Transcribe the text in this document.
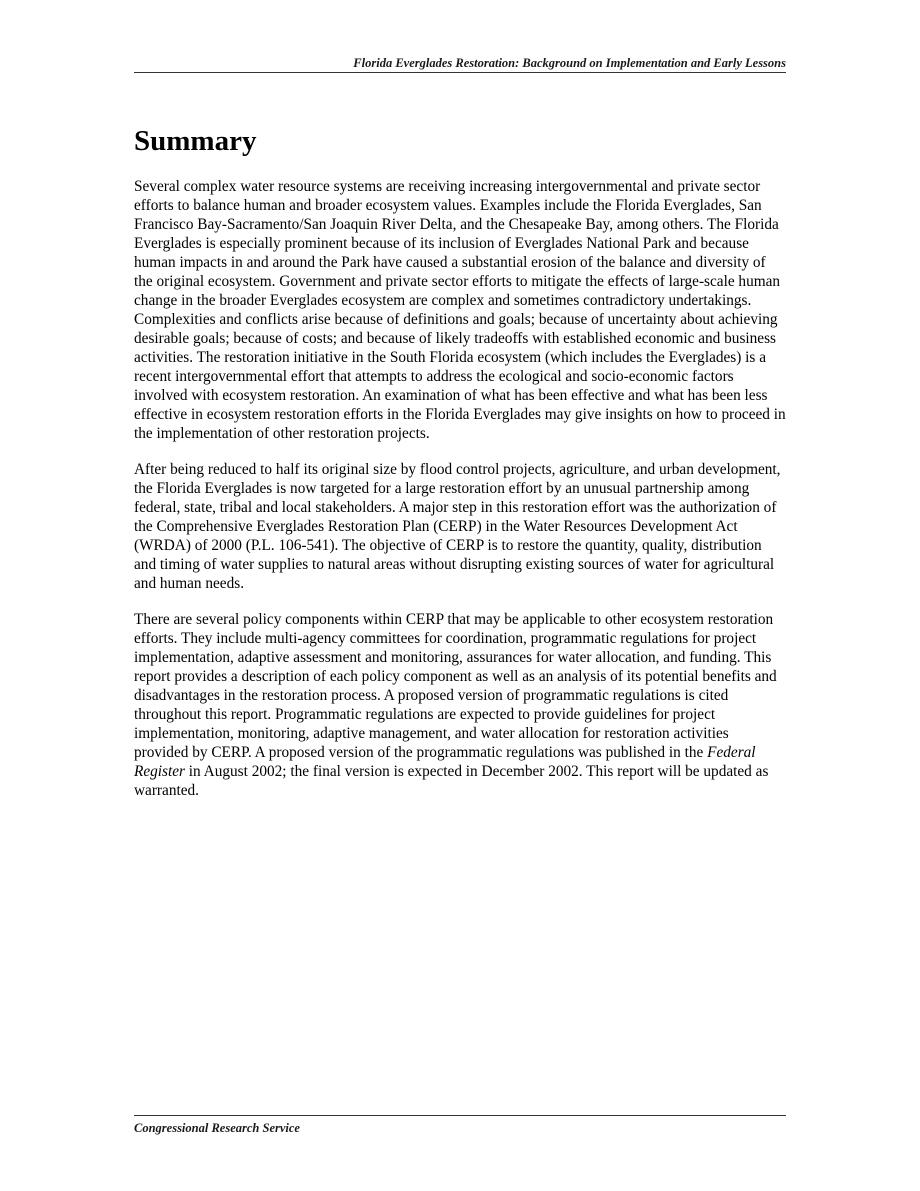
Florida Everglades Restoration: Background on Implementation and Early Lessons
Summary

Several complex water resource systems are receiving increasing intergovernmental and private sector efforts to balance human and broader ecosystem values. Examples include the Florida Everglades, San Francisco Bay-Sacramento/San Joaquin River Delta, and the Chesapeake Bay, among others. The Florida Everglades is especially prominent because of its inclusion of Everglades National Park and because human impacts in and around the Park have caused a substantial erosion of the balance and diversity of the original ecosystem. Government and private sector efforts to mitigate the effects of large-scale human change in the broader Everglades ecosystem are complex and sometimes contradictory undertakings. Complexities and conflicts arise because of definitions and goals; because of uncertainty about achieving desirable goals; because of costs; and because of likely tradeoffs with established economic and business activities. The restoration initiative in the South Florida ecosystem (which includes the Everglades) is a recent intergovernmental effort that attempts to address the ecological and socio-economic factors involved with ecosystem restoration. An examination of what has been effective and what has been less effective in ecosystem restoration efforts in the Florida Everglades may give insights on how to proceed in the implementation of other restoration projects.

After being reduced to half its original size by flood control projects, agriculture, and urban development, the Florida Everglades is now targeted for a large restoration effort by an unusual partnership among federal, state, tribal and local stakeholders. A major step in this restoration effort was the authorization of the Comprehensive Everglades Restoration Plan (CERP) in the Water Resources Development Act (WRDA) of 2000 (P.L. 106-541). The objective of CERP is to restore the quantity, quality, distribution and timing of water supplies to natural areas without disrupting existing sources of water for agricultural and human needs.

There are several policy components within CERP that may be applicable to other ecosystem restoration efforts. They include multi-agency committees for coordination, programmatic regulations for project implementation, adaptive assessment and monitoring, assurances for water allocation, and funding. This report provides a description of each policy component as well as an analysis of its potential benefits and disadvantages in the restoration process. A proposed version of programmatic regulations is cited throughout this report. Programmatic regulations are expected to provide guidelines for project implementation, monitoring, adaptive management, and water allocation for restoration activities provided by CERP. A proposed version of the programmatic regulations was published in the Federal Register in August 2002; the final version is expected in December 2002. This report will be updated as warranted.

Congressional Research Service
